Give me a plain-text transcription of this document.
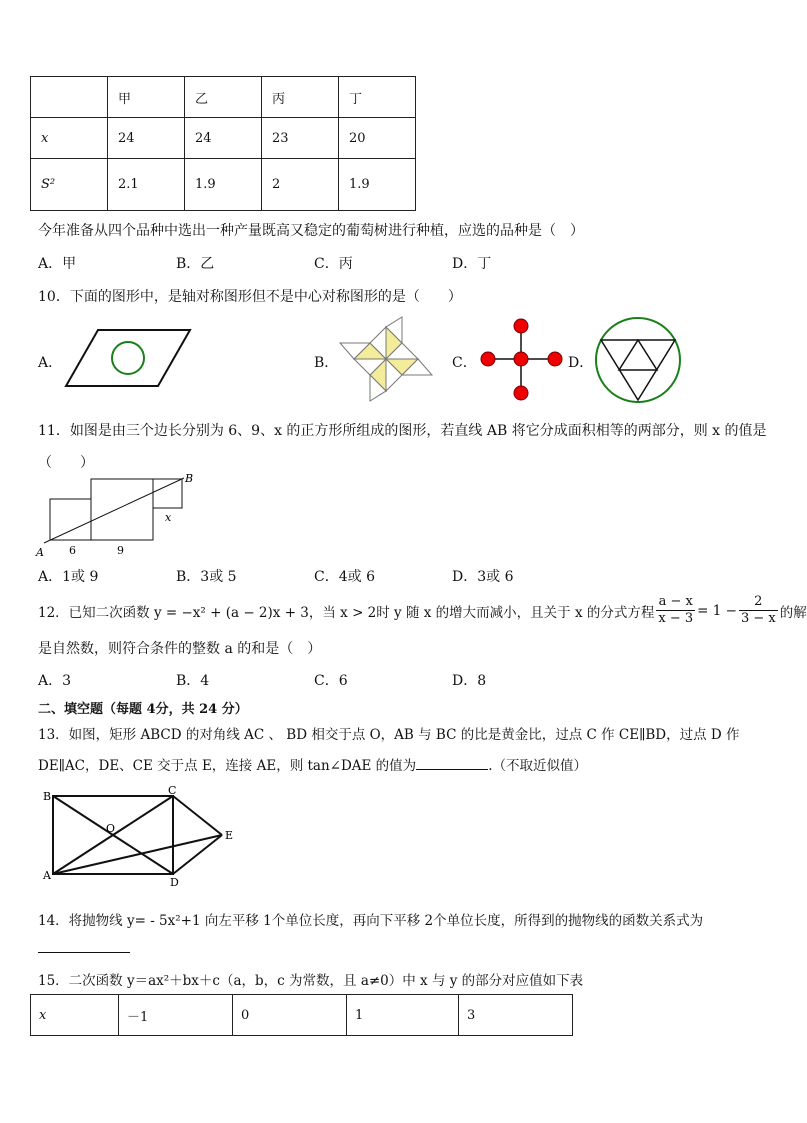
	甲	乙	丙	丁
x	24	24	23	20
S²	2.1	1.9	2	1.9
今年准备从四个品种中选出一种产量既高又稳定的葡萄树进行种植，应选的品种是（　）
A．甲	B．乙	C．丙	D．丁
10．下面的图形中，是轴对称图形但不是中心对称图形的是（　　）
A．	B．	C．	D．
11．如图是由三个边长分别为 6、9、x 的正方形所组成的图形，若直线 AB 将它分成面积相等的两部分，则 x 的值是
（　　）
A
B
x
6	9
A．1或 9	B．3或 5	C．4或 6	D．3或 6
12．已知二次函数 y = −x² + (a − 2)x + 3，当 x > 2时 y 随 x 的增大而减小，且关于 x 的分式方程 $\frac{a - x}{x - 3} = 1 - \frac{2}{3 - x}$ 的解
是自然数，则符合条件的整数 a 的和是（　）
A．3	B．4	C．6	D．8
二、填空题（每题 4分，共 24 分）
13．如图，矩形 ABCD 的对角线 AC 、 BD 相交于点 O，AB 与 BC 的比是黄金比，过点 C 作 CE∥BD，过点 D 作
DE∥AC，DE、CE 交于点 E，连接 AE，则 tan∠DAE 的值为	.（不取近似值）
B	C
A
D
E
O
14．将抛物线 y= - 5x²+1 向左平移 1个单位长度，再向下平移 2个单位长度，所得到的抛物线的函数关系式为
15．二次函数 y＝ax²＋bx＋c（a，b，c 为常数，且 a≠0）中 x 与 y 的部分对应值如下表
x	－1	0	1	3
